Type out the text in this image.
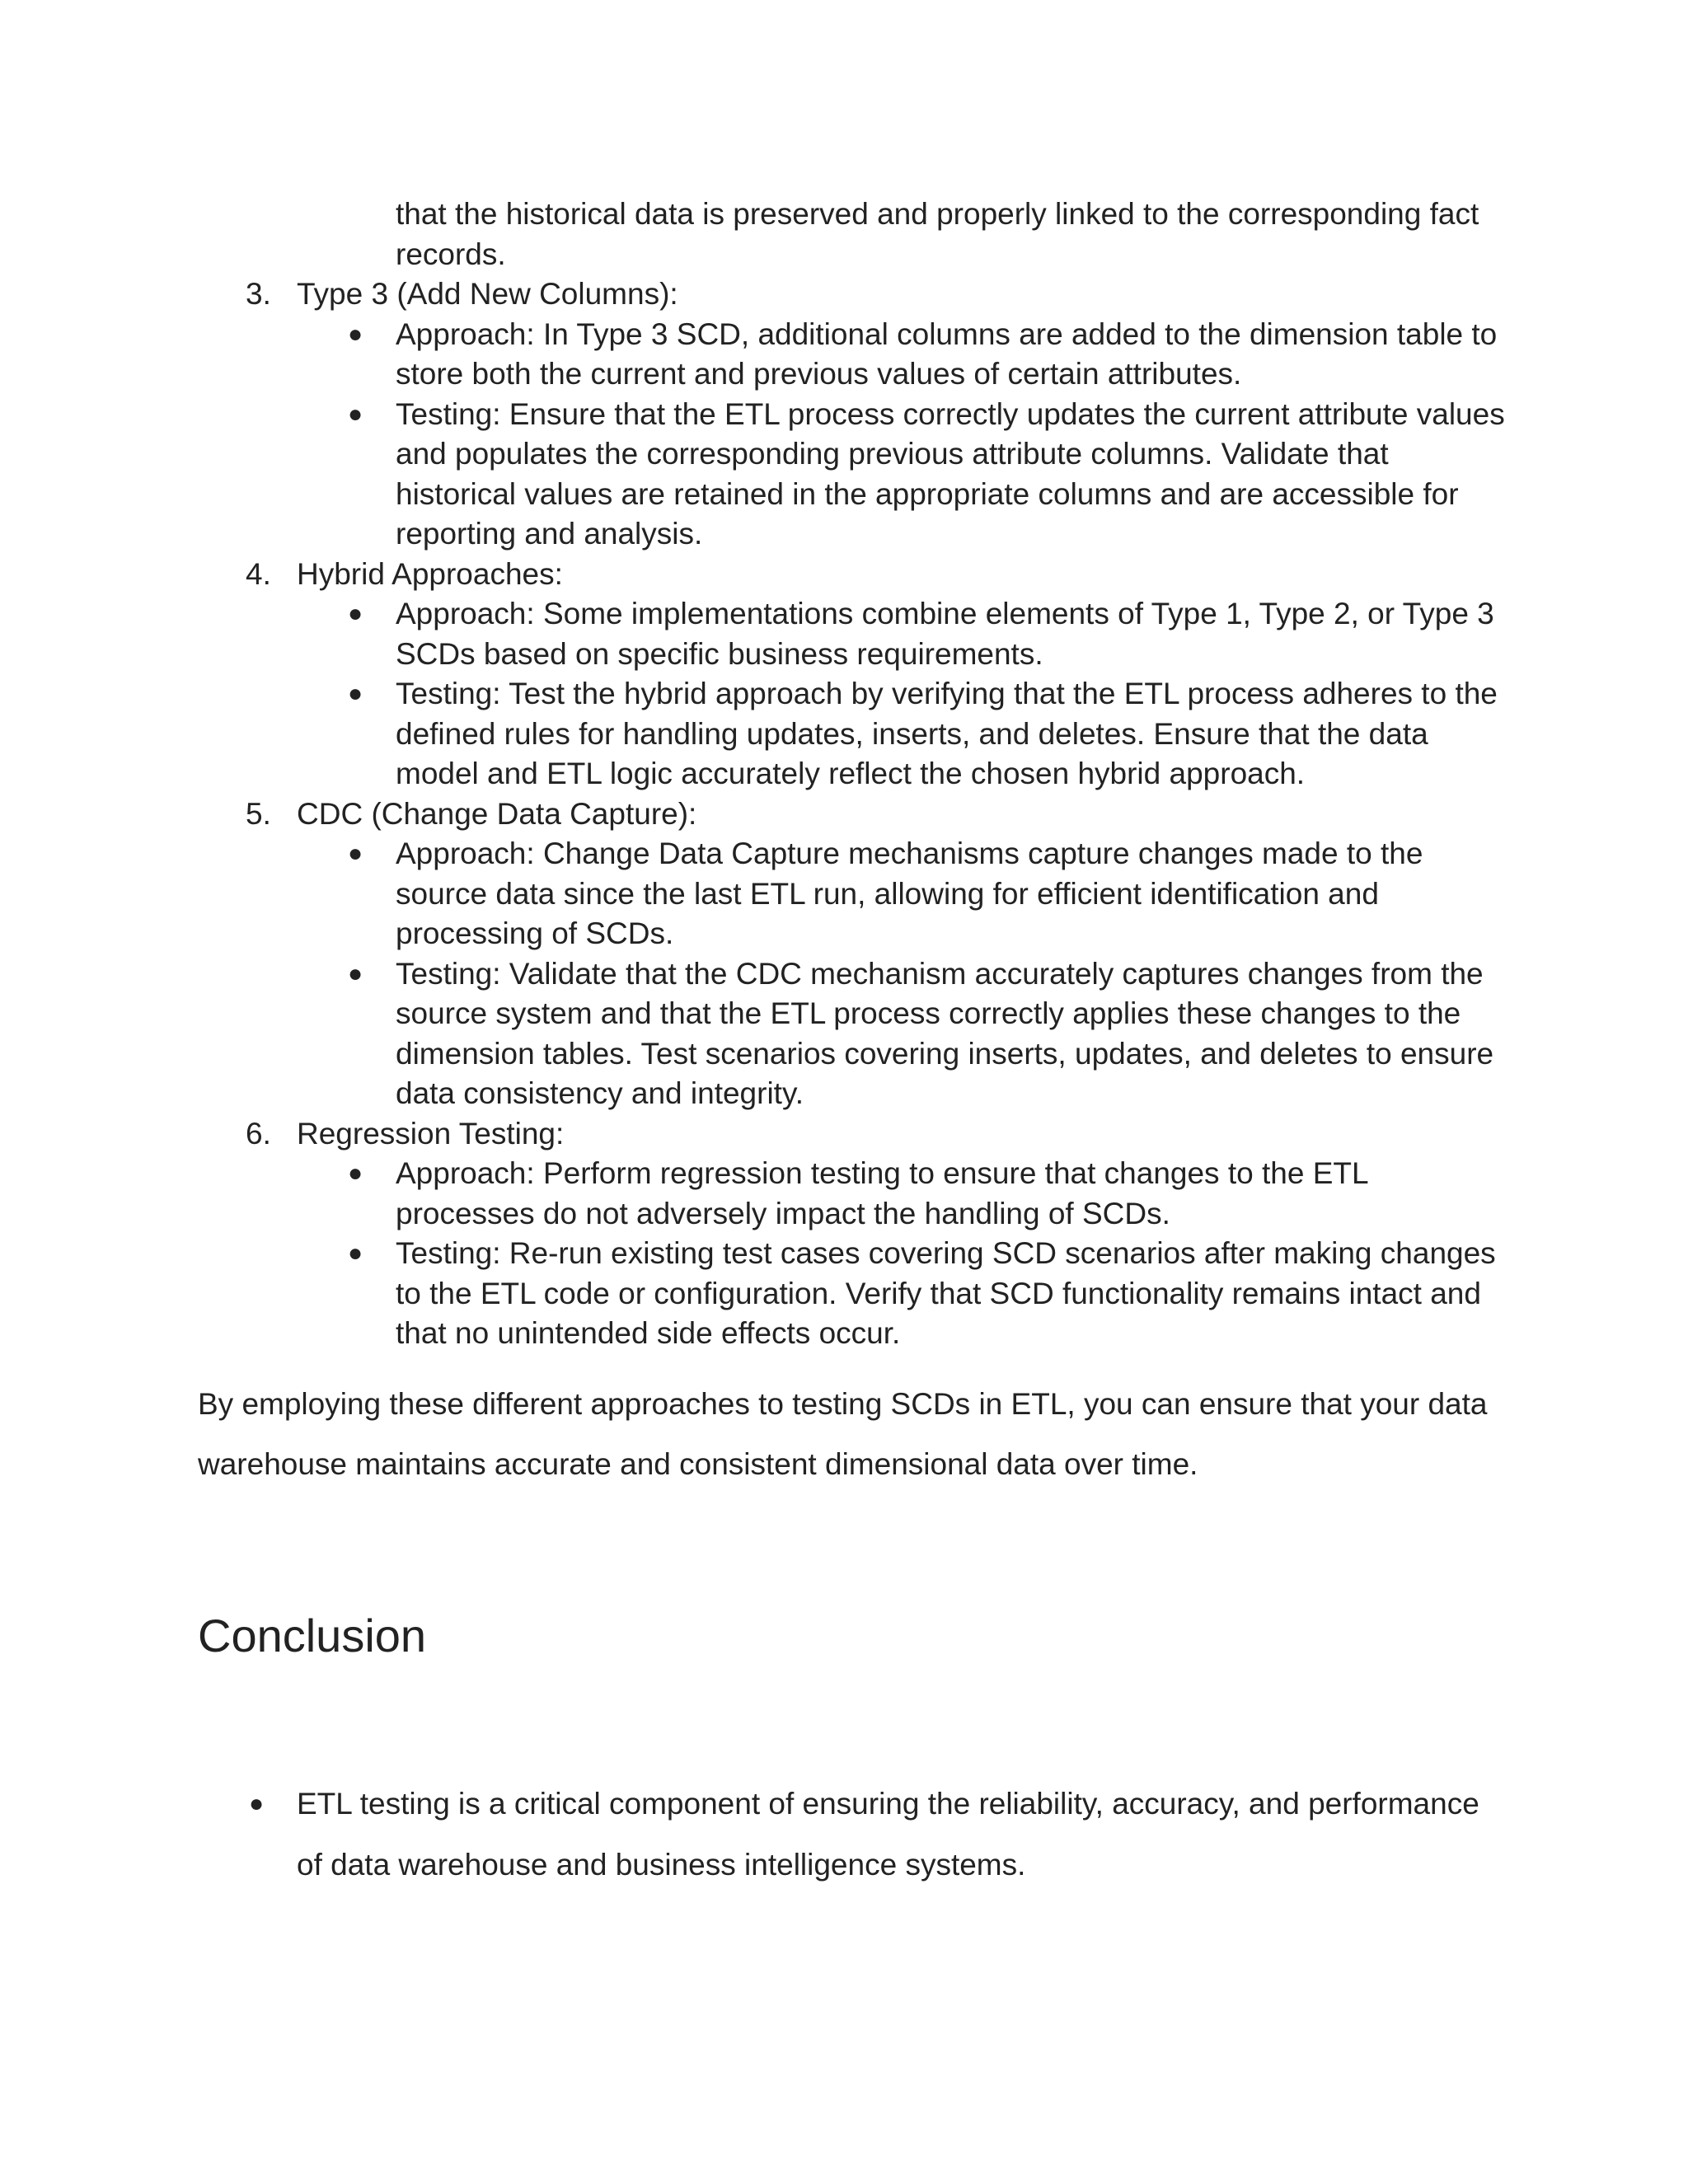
that the historical data is preserved and properly linked to the corresponding fact records.
3. Type 3 (Add New Columns):
● Approach: In Type 3 SCD, additional columns are added to the dimension table to store both the current and previous values of certain attributes.
● Testing: Ensure that the ETL process correctly updates the current attribute values and populates the corresponding previous attribute columns. Validate that historical values are retained in the appropriate columns and are accessible for reporting and analysis.
4. Hybrid Approaches:
● Approach: Some implementations combine elements of Type 1, Type 2, or Type 3 SCDs based on specific business requirements.
● Testing: Test the hybrid approach by verifying that the ETL process adheres to the defined rules for handling updates, inserts, and deletes. Ensure that the data model and ETL logic accurately reflect the chosen hybrid approach.
5. CDC (Change Data Capture):
● Approach: Change Data Capture mechanisms capture changes made to the source data since the last ETL run, allowing for efficient identification and processing of SCDs.
● Testing: Validate that the CDC mechanism accurately captures changes from the source system and that the ETL process correctly applies these changes to the dimension tables. Test scenarios covering inserts, updates, and deletes to ensure data consistency and integrity.
6. Regression Testing:
● Approach: Perform regression testing to ensure that changes to the ETL processes do not adversely impact the handling of SCDs.
● Testing: Re-run existing test cases covering SCD scenarios after making changes to the ETL code or configuration. Verify that SCD functionality remains intact and that no unintended side effects occur.

By employing these different approaches to testing SCDs in ETL, you can ensure that your data warehouse maintains accurate and consistent dimensional data over time.

Conclusion
● ETL testing is a critical component of ensuring the reliability, accuracy, and performance of data warehouse and business intelligence systems.
